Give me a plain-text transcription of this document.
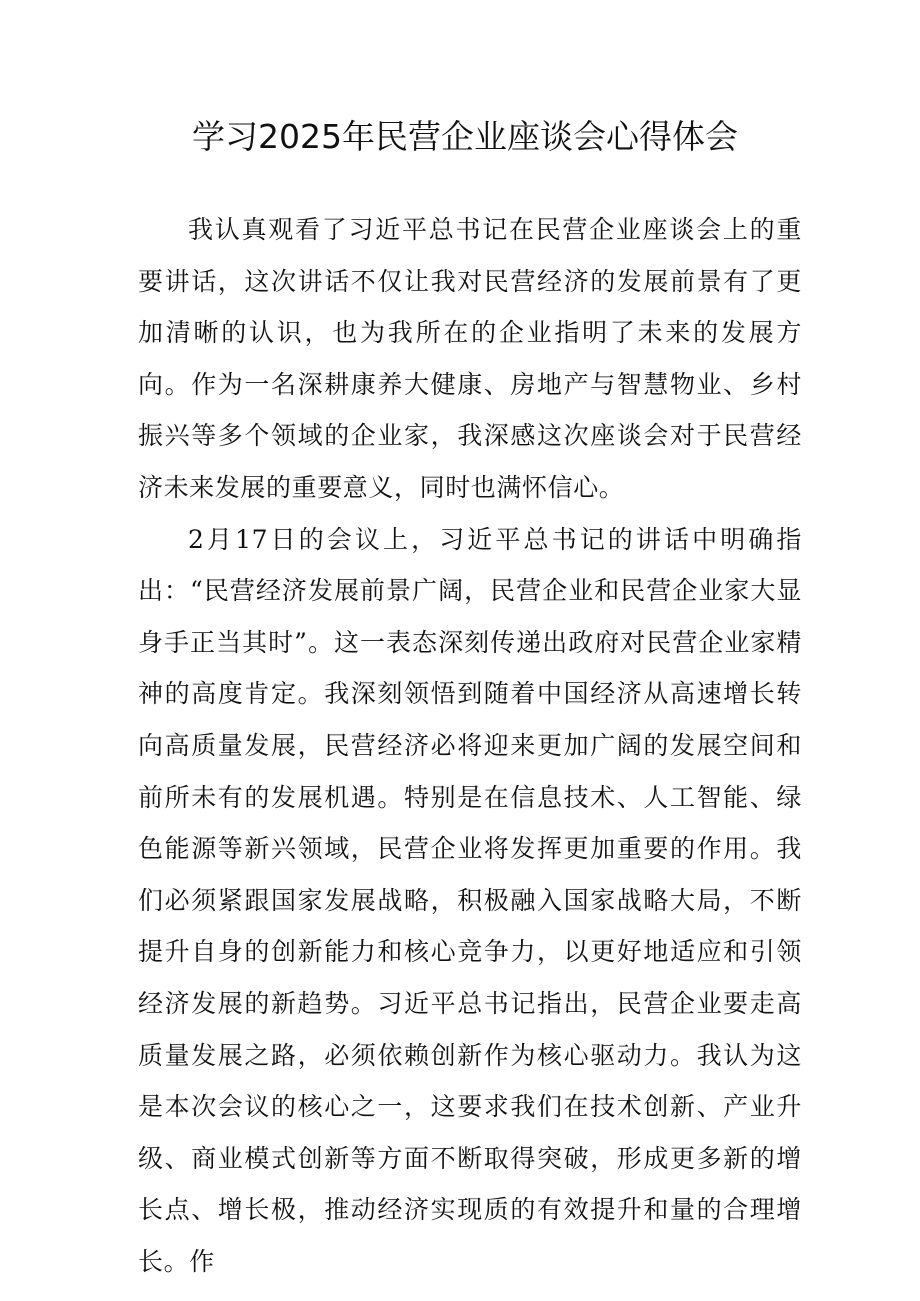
学习2025年民营企业座谈会心得体会

我认真观看了习近平总书记在民营企业座谈会上的重要讲话，这次讲话不仅让我对民营经济的发展前景有了更加清晰的认识，也为我所在的企业指明了未来的发展方向。作为一名深耕康养大健康、房地产与智慧物业、乡村振兴等多个领域的企业家，我深感这次座谈会对于民营经济未来发展的重要意义，同时也满怀信心。

2月17日的会议上，习近平总书记的讲话中明确指出：“民营经济发展前景广阔，民营企业和民营企业家大显身手正当其时”。这一表态深刻传递出政府对民营企业家精神的高度肯定。我深刻领悟到随着中国经济从高速增长转向高质量发展，民营经济必将迎来更加广阔的发展空间和前所未有的发展机遇。特别是在信息技术、人工智能、绿色能源等新兴领域，民营企业将发挥更加重要的作用。我们必须紧跟国家发展战略，积极融入国家战略大局，不断提升自身的创新能力和核心竞争力，以更好地适应和引领经济发展的新趋势。习近平总书记指出，民营企业要走高质量发展之路，必须依赖创新作为核心驱动力。我认为这是本次会议的核心之一，这要求我们在技术创新、产业升级、商业模式创新等方面不断取得突破，形成更多新的增长点、增长极，推动经济实现质的有效提升和量的合理增长。作
